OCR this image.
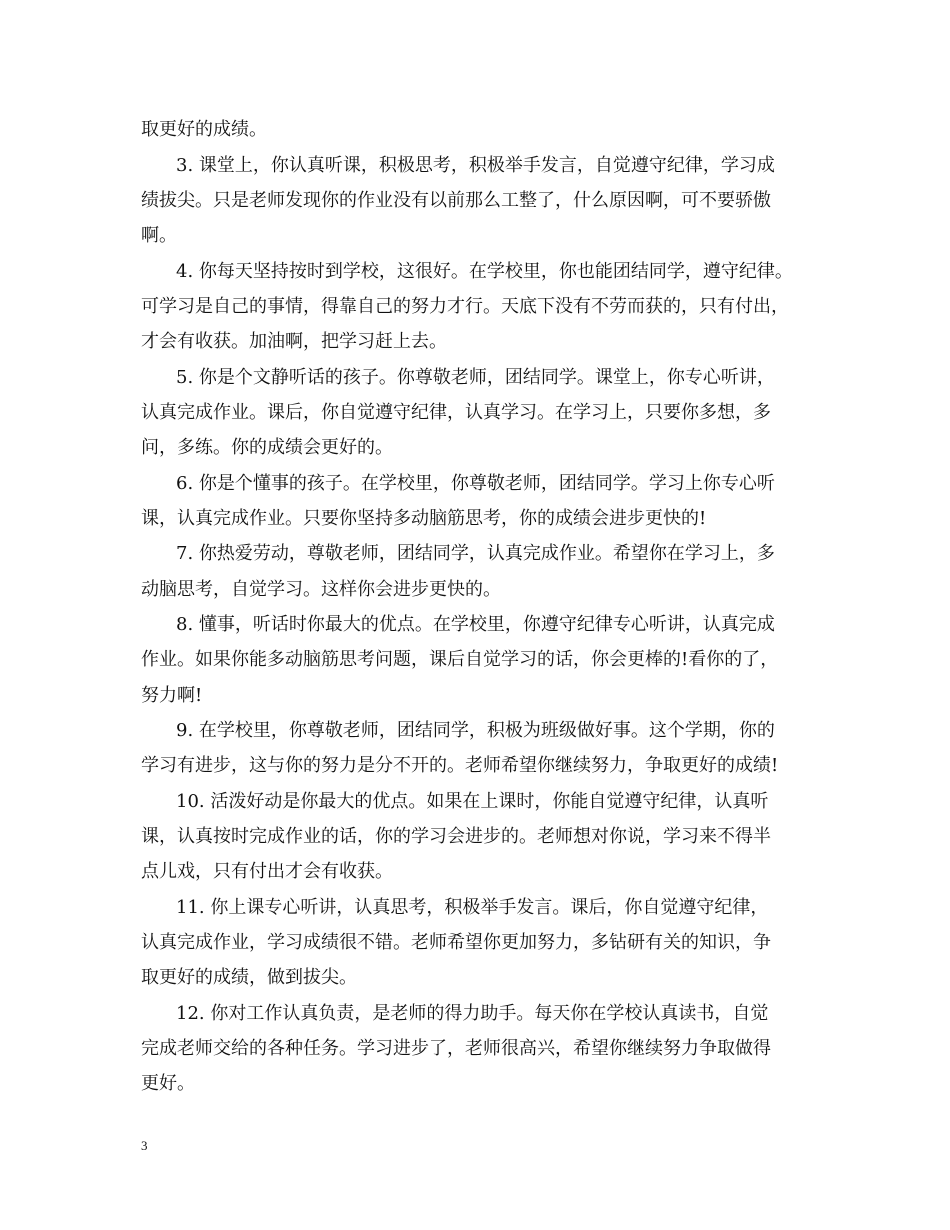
取更好的成绩。
3. 课堂上，你认真听课，积极思考，积极举手发言，自觉遵守纪律，学习成
绩拔尖。只是老师发现你的作业没有以前那么工整了，什么原因啊，可不要骄傲
啊。
4. 你每天坚持按时到学校，这很好。在学校里，你也能团结同学，遵守纪律。
可学习是自己的事情，得靠自己的努力才行。天底下没有不劳而获的，只有付出，
才会有收获。加油啊，把学习赶上去。
5. 你是个文静听话的孩子。你尊敬老师，团结同学。课堂上，你专心听讲，
认真完成作业。课后，你自觉遵守纪律，认真学习。在学习上，只要你多想，多
问，多练。你的成绩会更好的。
6. 你是个懂事的孩子。在学校里，你尊敬老师，团结同学。学习上你专心听
课，认真完成作业。只要你坚持多动脑筋思考，你的成绩会进步更快的!
7. 你热爱劳动，尊敬老师，团结同学，认真完成作业。希望你在学习上，多
动脑思考，自觉学习。这样你会进步更快的。
8. 懂事，听话时你最大的优点。在学校里，你遵守纪律专心听讲，认真完成
作业。如果你能多动脑筋思考问题，课后自觉学习的话，你会更棒的!看你的了，
努力啊!
9. 在学校里，你尊敬老师，团结同学，积极为班级做好事。这个学期，你的
学习有进步，这与你的努力是分不开的。老师希望你继续努力，争取更好的成绩!
10. 活泼好动是你最大的优点。如果在上课时，你能自觉遵守纪律，认真听
课，认真按时完成作业的话，你的学习会进步的。老师想对你说，学习来不得半
点儿戏，只有付出才会有收获。
11. 你上课专心听讲，认真思考，积极举手发言。课后，你自觉遵守纪律，
认真完成作业，学习成绩很不错。老师希望你更加努力，多钻研有关的知识，争
取更好的成绩，做到拔尖。
12. 你对工作认真负责，是老师的得力助手。每天你在学校认真读书，自觉
完成老师交给的各种任务。学习进步了，老师很高兴，希望你继续努力争取做得
更好。
3
